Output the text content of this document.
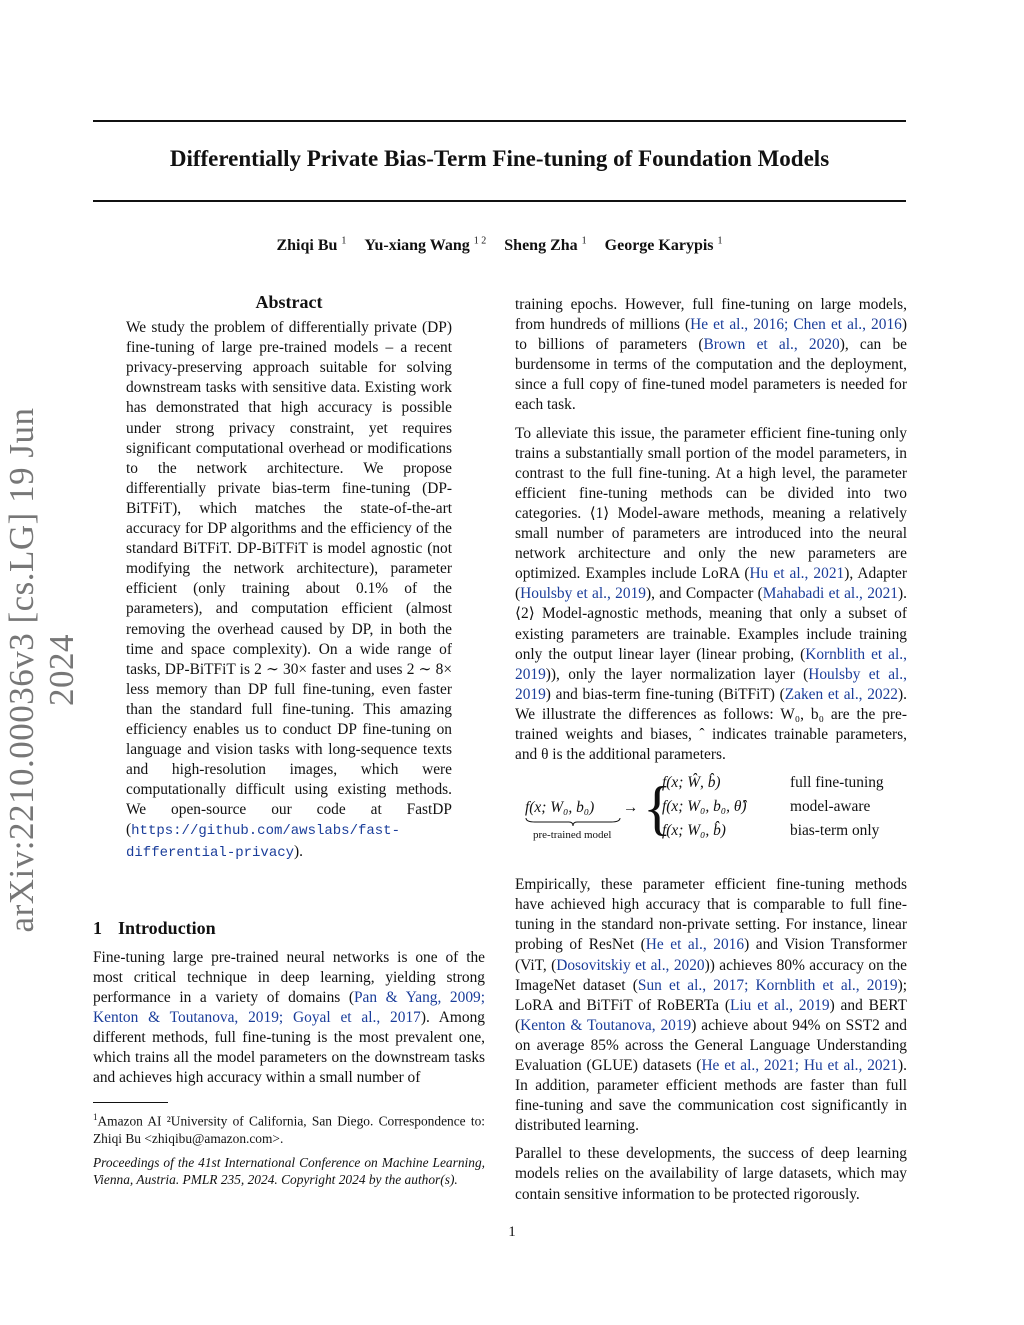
Differentially Private Bias-Term Fine-tuning of Foundation Models
Zhiqi Bu $^1$ Yu-xiang Wang $^{1 2}$ Sheng Zha $^1$ George Karypis $^1$
arXiv:2210.00036v3 [cs.LG] 19 Jun 2024
Abstract

We study the problem of differentially private (DP) fine-tuning of large pre-trained models – a recent privacy-preserving approach suitable for solving downstream tasks with sensitive data. Existing work has demonstrated that high accuracy is possible under strong privacy constraint, yet requires significant computational overhead or modifications to the network architecture. We propose differentially private bias-term fine-tuning (DP-BiTFiT), which matches the state-of-the-art accuracy for DP algorithms and the efficiency of the standard BiTFiT. DP-BiTFiT is model agnostic (not modifying the network architecture), parameter efficient (only training about 0.1% of the parameters), and computation efficient (almost removing the overhead caused by DP, in both the time and space complexity). On a wide range of tasks, DP-BiTFiT is 2 ∼ 30× faster and uses 2 ∼ 8× less memory than DP full fine-tuning, even faster than the standard full fine-tuning. This amazing efficiency enables us to conduct DP fine-tuning on language and vision tasks with long-sequence texts and high-resolution images, which were computationally difficult using existing methods. We open-source our code at FastDP (https://github.com/awslabs/fast-differential-privacy).

1 Introduction

Fine-tuning large pre-trained neural networks is one of the most critical technique in deep learning, yielding strong performance in a variety of domains (Pan & Yang, 2009; Kenton & Toutanova, 2019; Goyal et al., 2017). Among different methods, full fine-tuning is the most prevalent one, which trains all the model parameters on the downstream tasks and achieves high accuracy within a small number of

$^1$Amazon AI ²University of California, San Diego. Correspondence to: Zhiqi Bu <zhiqibu@amazon.com>.

Proceedings of the 41st International Conference on Machine Learning, Vienna, Austria. PMLR 235, 2024. Copyright 2024 by the author(s).

training epochs. However, full fine-tuning on large models, from hundreds of millions (He et al., 2016; Chen et al., 2016) to billions of parameters (Brown et al., 2020), can be burdensome in terms of the computation and the deployment, since a full copy of fine-tuned model parameters is needed for each task.

To alleviate this issue, the parameter efficient fine-tuning only trains a substantially small portion of the model parameters, in contrast to the full fine-tuning. At a high level, the parameter efficient fine-tuning methods can be divided into two categories. ⟨1⟩ Model-aware methods, meaning a relatively small number of parameters are introduced into the neural network architecture and only the new parameters are optimized. Examples include LoRA (Hu et al., 2021), Adapter (Houlsby et al., 2019), and Compacter (Mahabadi et al., 2021). ⟨2⟩ Model-agnostic methods, meaning that only a subset of existing parameters are trainable. Examples include training only the output linear layer (linear probing, (Kornblith et al., 2019)), only the layer normalization layer (Houlsby et al., 2019) and bias-term fine-tuning (BiTFiT) (Zaken et al., 2022). We illustrate the differences as follows: W₀, b₀ are the pre-trained weights and biases, ˆ indicates trainable parameters, and θ is the additional parameters.

f(x; W₀, b₀)
pre-trained model
→ {
f(x; Ŵ, b̂)	full fine-tuning
f(x; W₀, b₀, θ̂)	model-aware
f(x; W₀, b̂)	bias-term only

Empirically, these parameter efficient fine-tuning methods have achieved high accuracy that is comparable to full fine-tuning in the standard non-private setting. For instance, linear probing of ResNet (He et al., 2016) and Vision Transformer (ViT, (Dosovitskiy et al., 2020)) achieves 80% accuracy on the ImageNet dataset (Sun et al., 2017; Kornblith et al., 2019); LoRA and BiTFiT of RoBERTa (Liu et al., 2019) and BERT (Kenton & Toutanova, 2019) achieve about 94% on SST2 and on average 85% across the General Language Understanding Evaluation (GLUE) datasets (He et al., 2021; Hu et al., 2021). In addition, parameter efficient methods are faster than full fine-tuning and save the communication cost significantly in distributed learning.

Parallel to these developments, the success of deep learning models relies on the availability of large datasets, which may contain sensitive information to be protected rigorously.

1
